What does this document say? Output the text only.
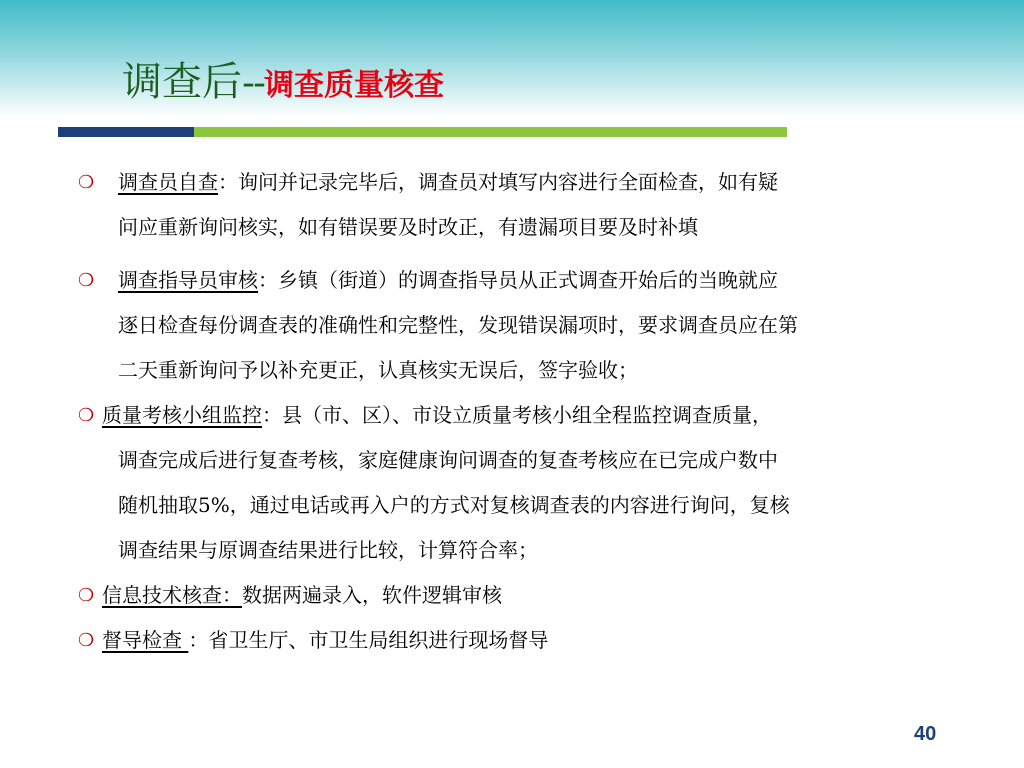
调查后--调查质量核查
❍	调查员自查：询问并记录完毕后，调查员对填写内容进行全面检查，如有疑
问应重新询问核实，如有错误要及时改正，有遗漏项目要及时补填
❍	调查指导员审核：乡镇（街道）的调查指导员从正式调查开始后的当晚就应
逐日检查每份调查表的准确性和完整性，发现错误漏项时，要求调查员应在第
二天重新询问予以补充更正，认真核实无误后，签字验收；
❍ 质量考核小组监控：县（市、区）、市设立质量考核小组全程监控调查质量，
调查完成后进行复查考核，家庭健康询问调查的复查考核应在已完成户数中
随机抽取5%，通过电话或再入户的方式对复核调查表的内容进行询问，复核
调查结果与原调查结果进行比较，计算符合率；
❍ 信息技术核查：数据两遍录入，软件逻辑审核
❍ 督导检查 ：省卫生厅、市卫生局组织进行现场督导
40
